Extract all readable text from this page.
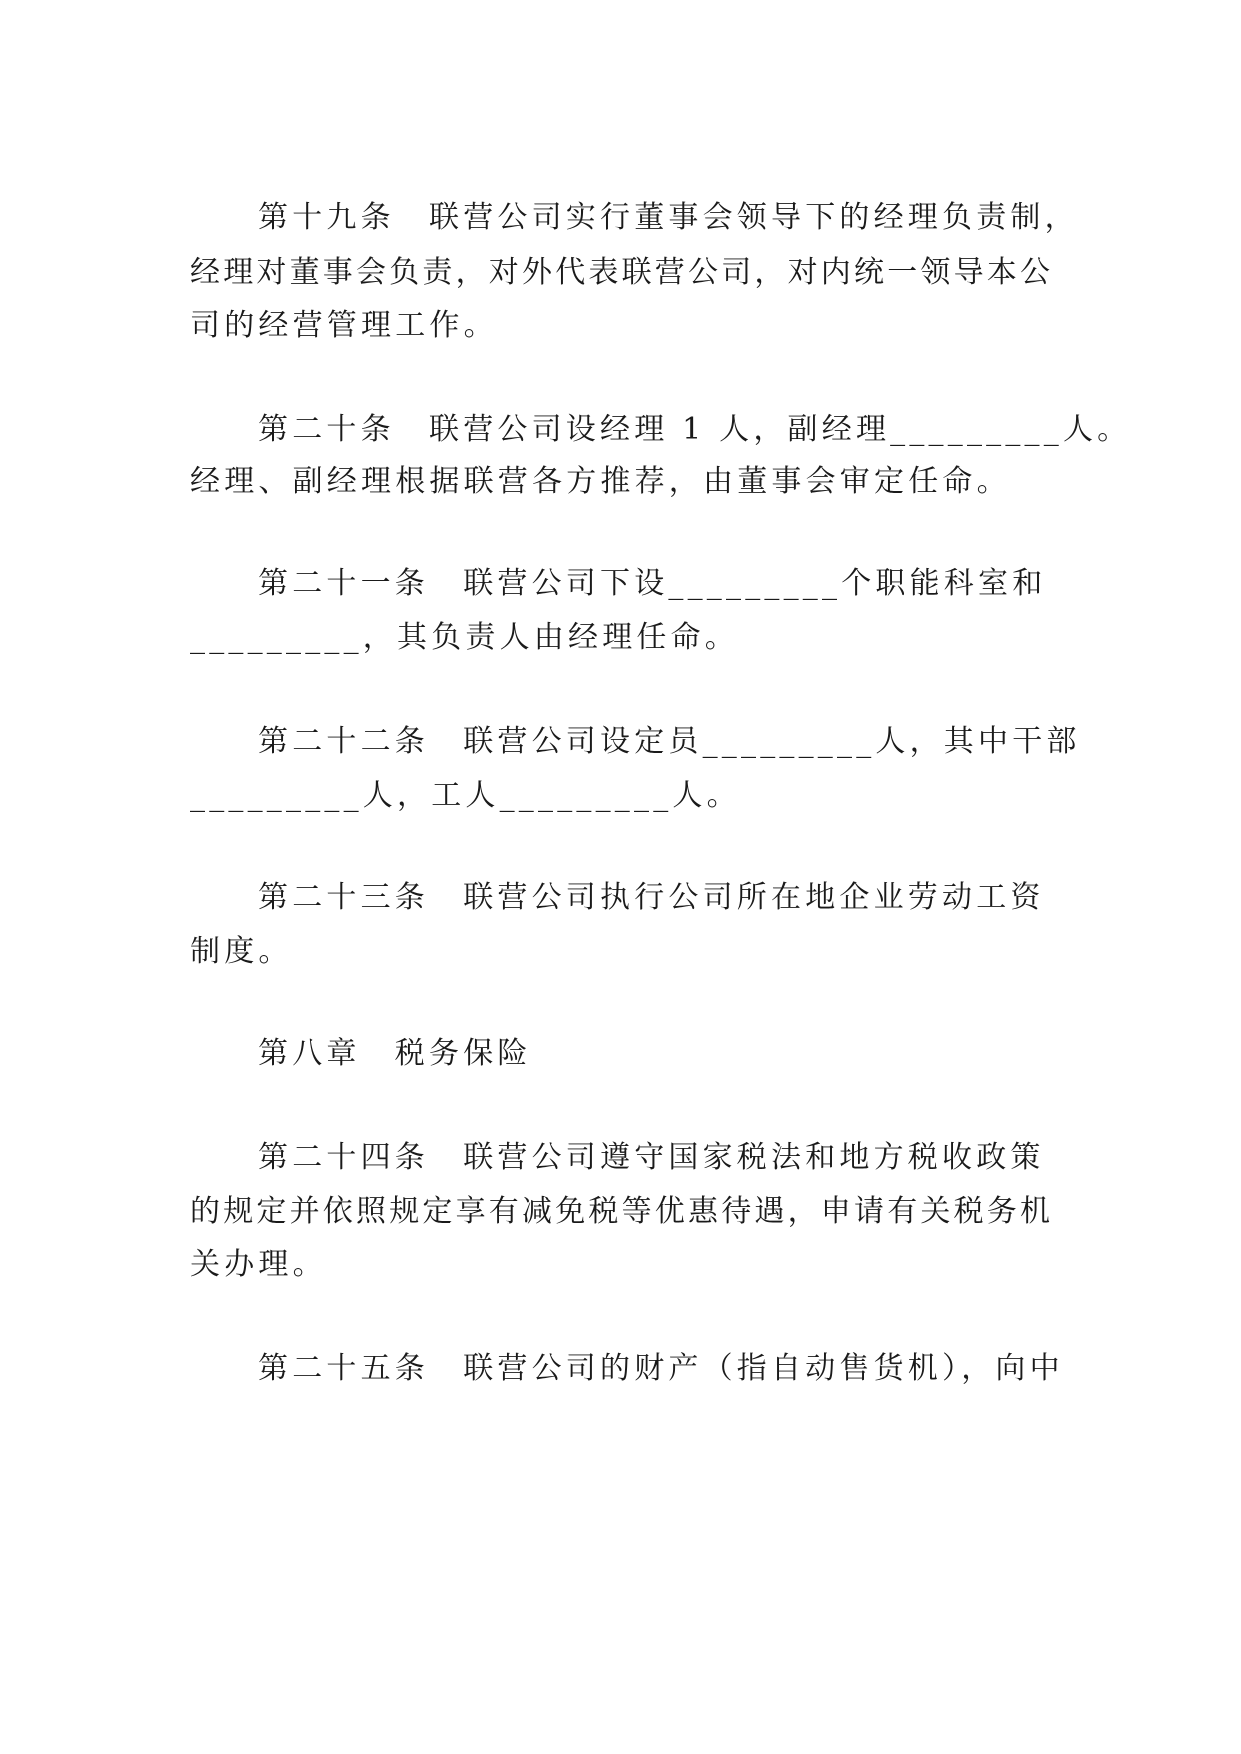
第十九条　联营公司实行董事会领导下的经理负责制，
经理对董事会负责，对外代表联营公司，对内统一领导本公
司的经营管理工作。
第二十条　联营公司设经理 1 人，副经理_________人。
经理、副经理根据联营各方推荐，由董事会审定任命。
第二十一条　联营公司下设_________个职能科室和
_________，其负责人由经理任命。
第二十二条　联营公司设定员_________人，其中干部
_________人，工人_________人。
第二十三条　联营公司执行公司所在地企业劳动工资
制度。
第八章　税务保险
第二十四条　联营公司遵守国家税法和地方税收政策
的规定并依照规定享有减免税等优惠待遇，申请有关税务机
关办理。
第二十五条　联营公司的财产（指自动售货机），向中
